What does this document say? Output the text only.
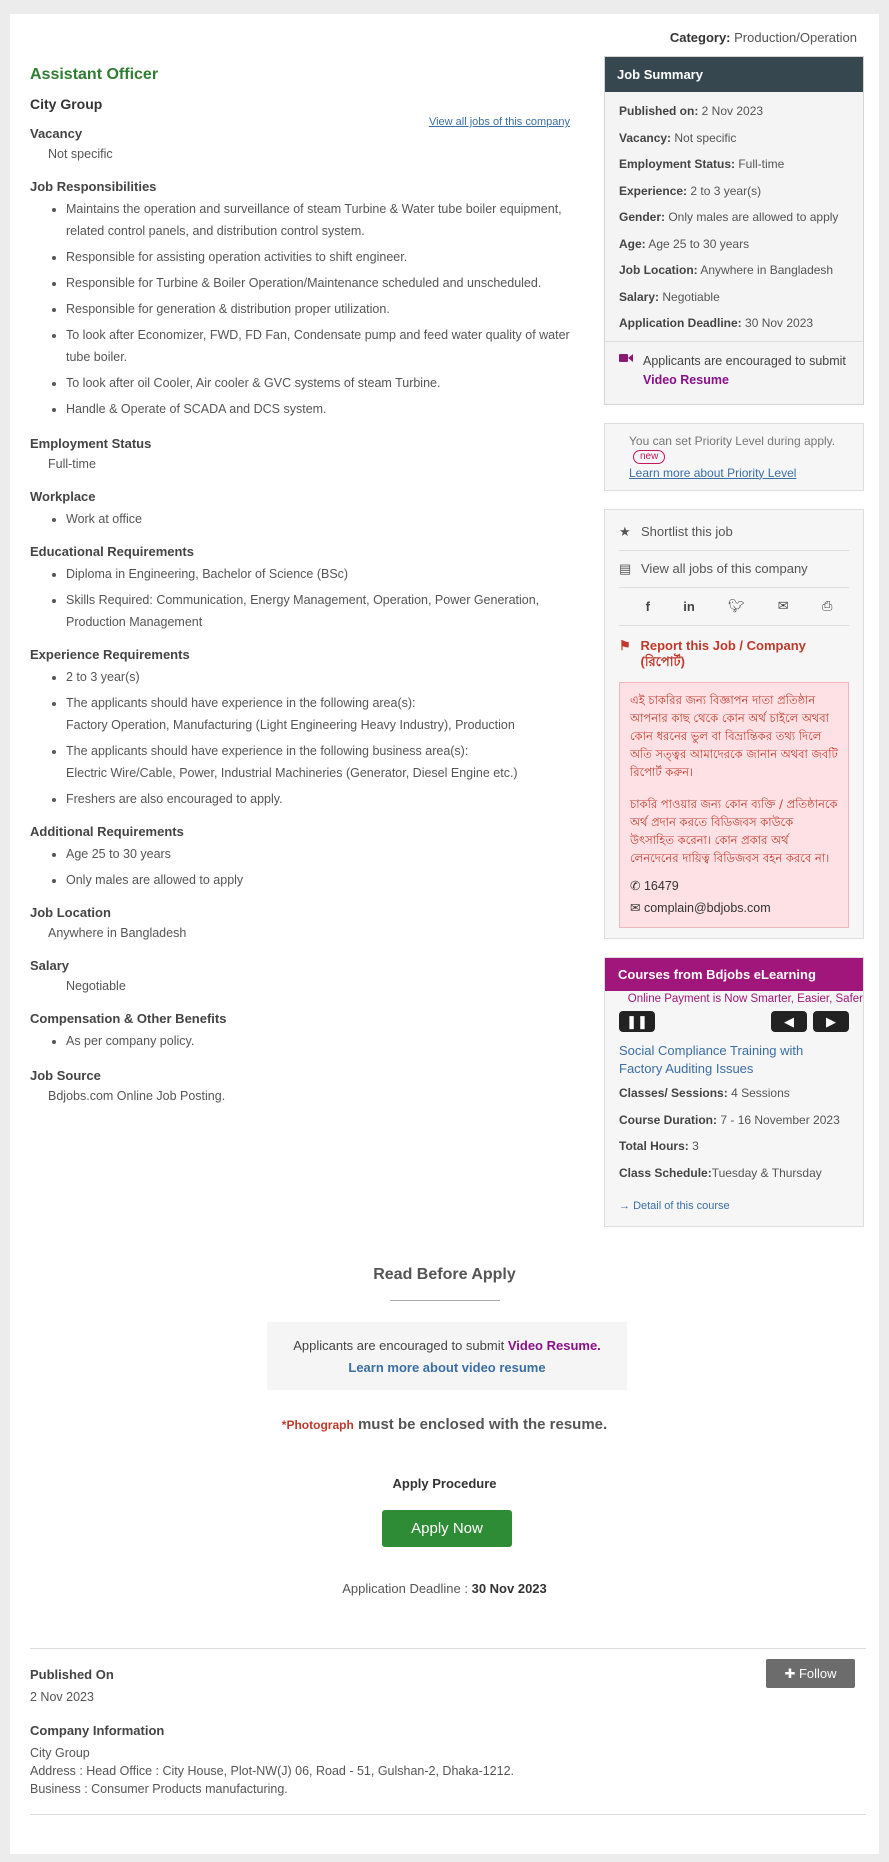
Category: Production/Operation
Assistant Officer
City Group
View all jobs of this company
Vacancy
Not specific
Job Responsibilities
• Maintains the operation and surveillance of steam Turbine & Water tube boiler equipment, related control panels, and distribution control system.
• Responsible for assisting operation activities to shift engineer.
• Responsible for Turbine & Boiler Operation/Maintenance scheduled and unscheduled.
• Responsible for generation & distribution proper utilization.
• To look after Economizer, FWD, FD Fan, Condensate pump and feed water quality of water tube boiler.
• To look after oil Cooler, Air cooler & GVC systems of steam Turbine.
• Handle & Operate of SCADA and DCS system.
Employment Status
Full-time
Workplace
• Work at office
Educational Requirements
• Diploma in Engineering, Bachelor of Science (BSc)
• Skills Required: Communication, Energy Management, Operation, Power Generation, Production Management
Experience Requirements
• 2 to 3 year(s)
• The applicants should have experience in the following area(s):
Factory Operation, Manufacturing (Light Engineering Heavy Industry), Production
• The applicants should have experience in the following business area(s):
Electric Wire/Cable, Power, Industrial Machineries (Generator, Diesel Engine etc.)
• Freshers are also encouraged to apply.
Additional Requirements
• Age 25 to 30 years
• Only males are allowed to apply
Job Location
Anywhere in Bangladesh
Salary
Negotiable
Compensation & Other Benefits
• As per company policy.
Job Source
Bdjobs.com Online Job Posting.
Job Summary
Published on: 2 Nov 2023
Vacancy: Not specific
Employment Status: Full-time
Experience: 2 to 3 year(s)
Gender: Only males are allowed to apply
Age: Age 25 to 30 years
Job Location: Anywhere in Bangladesh
Salary: Negotiable
Application Deadline: 30 Nov 2023
Applicants are encouraged to submit Video Resume
You can set Priority Level during apply.
new
Learn more about Priority Level
★ Shortlist this job
▤ View all jobs of this company
f	in	🐦︎	✉	⎙
⚑ Report this Job / Company (রিপোর্ট)

এই চাকরির জন্য বিজ্ঞাপন দাতা প্রতিষ্ঠান আপনার কাছ থেকে কোন অর্থ চাইলে অথবা কোন ধরনের ভুল বা বিভ্রান্তিকর তথ্য দিলে অতি সত্ত্বর আমাদেরকে জানান অথবা জবটি রিপোর্ট করুন।

চাকরি পাওয়ার জন্য কোন ব্যক্তি / প্রতিষ্ঠানকে অর্থ প্রদান করতে বিডিজবস কাউকে উৎসাহিত করেনা। কোন প্রকার অর্থ লেনদেনের দায়িত্ব বিডিজবস বহন করবে না।

✆ 16479
✉ complain@bdjobs.com
Courses from Bdjobs eLearning
Online Payment is Now Smarter, Easier, Safer
❚❚	◀	▶
Social Compliance Training with Factory Auditing Issues
Classes/ Sessions: 4 Sessions
Course Duration: 7 - 16 November 2023
Total Hours: 3
Class Schedule:Tuesday & Thursday
→ Detail of this course
Read Before Apply
Applicants are encouraged to submit Video Resume.
Learn more about video resume
*Photograph must be enclosed with the resume.
Apply Procedure
Apply Now
Application Deadline : 30 Nov 2023
✚ Follow
Published On
2 Nov 2023
Company Information
City Group
Address : Head Office : City House, Plot-NW(J) 06, Road - 51, Gulshan-2, Dhaka-1212.
Business : Consumer Products manufacturing.
